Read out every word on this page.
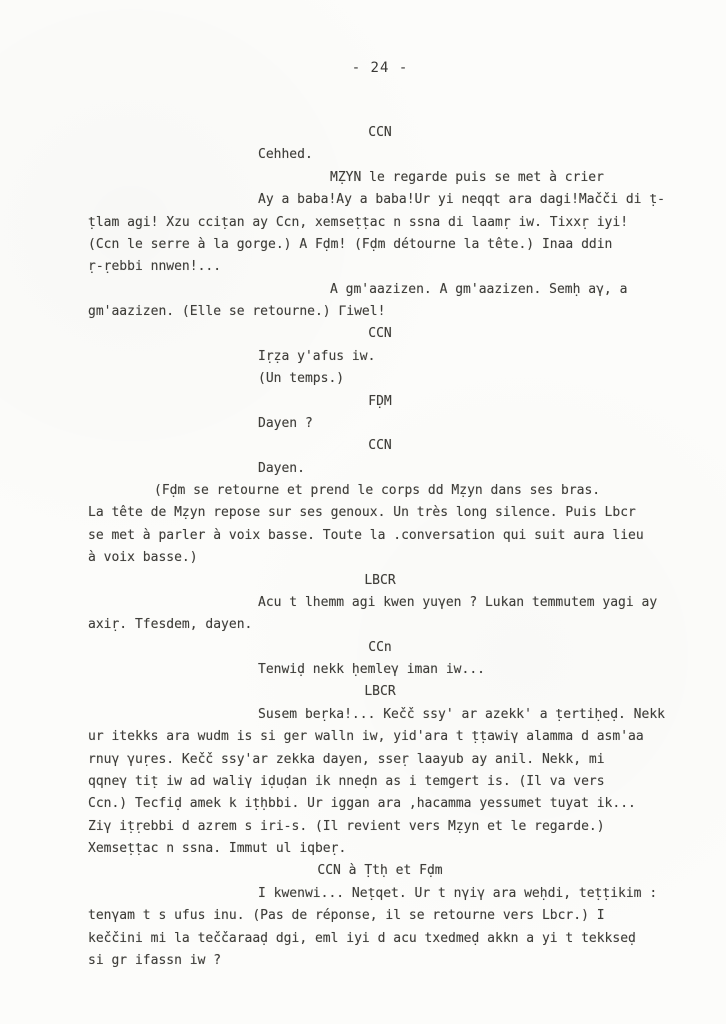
- 24 -
CCN
Cehhed.
MẒYN le regarde puis se met à crier
Ay a baba!Ay a baba!Ur yi neqqt ara dagi!Mačči di ṭ-
ṭlam agi! Xzu cciṭan ay Ccn, xemseṭṭac n ssna di laamṛ iw. Tixxṛ iyi!
(Ccn le serre à la gorge.) A Fḍm! (Fḍm détourne la tête.) Inaa ddin
ṛ-ṛebbi nnwen!...
A gm'aazizen. A gm'aazizen. Semḥ aγ, a
gm'aazizen. (Elle se retourne.) Γiwel!
CCN
Iṛẓa y'afus iw.
(Un temps.)
FḌM
Dayen ?
CCN
Dayen.
(Fḍm se retourne et prend le corps dd Mẓyn dans ses bras.
La tête de Mẓyn repose sur ses genoux. Un très long silence. Puis Lbcr
se met à parler à voix basse. Toute la .conversation qui suit aura lieu
à voix basse.)
LBCR
Acu t lhemm agi kwen yuγen ? Lukan temmutem yagi ay
axiṛ. Tfesdem, dayen.
CCn
Tenwiḍ nekk ḥemleγ iman iw...
LBCR
Susem beṛka!... Kečč ssy' ar azekk' a ṭertiḥeḍ. Nekk
ur itekks ara wudm is si ger walln iw, yid'ara t ṭṭawiγ alamma d asm'aa
rnuγ γuṛes. Kečč ssy'ar zekka dayen, sseṛ laayub ay anil. Nekk, mi
qqneγ tiṭ iw ad waliγ iḍuḍan ik nneḍn as i temgert is. (Il va vers
Ccn.) Tecfiḍ amek k iṭḥbbi. Ur iggan ara ,hacamma yessumet tuyat ik...
Ziγ iṭṛebbi d azrem s iri-s. (Il revient vers Mẓyn et le regarde.)
Xemseṭṭac n ssna. Immut ul iqbeṛ.
CCN à Ṭtḥ et Fḍm
I kwenwi... Neṭqet. Ur t nγiγ ara weḥdi, teṭṭikim :
tenγam t s ufus inu. (Pas de réponse, il se retourne vers Lbcr.) I
keččini mi la teččaraaḍ dgi, eml iyi d acu txedmeḍ akkn a yi t tekkseḍ
si gr ifassn iw ?
